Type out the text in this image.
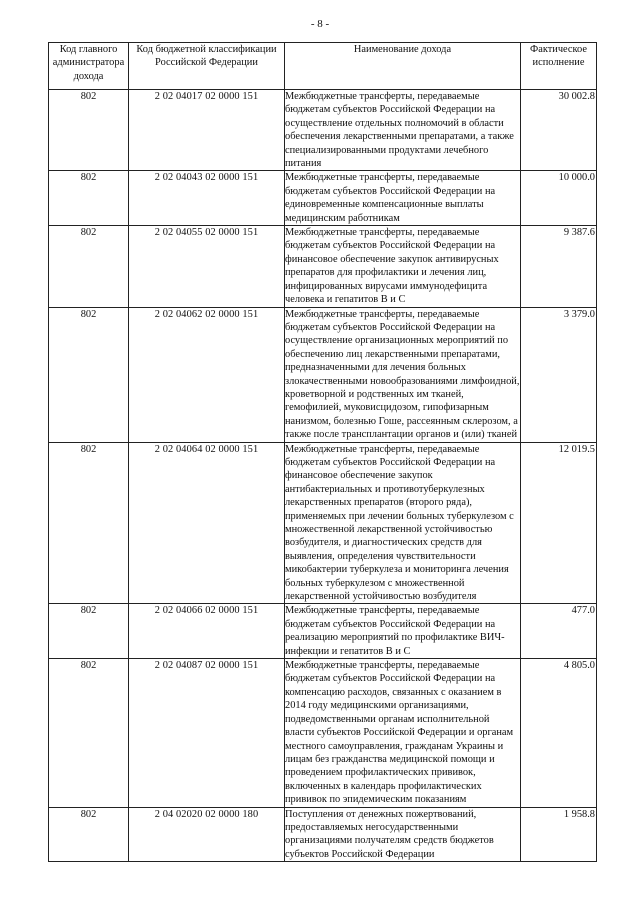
- 8 -
Код главного администратора дохода	Код бюджетной классификации Российской Федерации	Наименование дохода	Фактическое исполнение
802	2 02 04017 02 0000 151	Межбюджетные трансферты, передаваемые бюджетам субъектов Российской Федерации на осуществление отдельных полномочий в области обеспечения лекарственными препаратами, а также специализированными продуктами лечебного питания	30 002.8
802	2 02 04043 02 0000 151	Межбюджетные трансферты, передаваемые бюджетам субъектов Российской Федерации на единовременные компенсационные выплаты медицинским работникам	10 000.0
802	2 02 04055 02 0000 151	Межбюджетные трансферты, передаваемые бюджетам субъектов Российской Федерации на финансовое обеспечение закупок антивирусных препаратов для профилактики и лечения лиц, инфицированных вирусами иммунодефицита человека и гепатитов В и С	9 387.6
802	2 02 04062 02 0000 151	Межбюджетные трансферты, передаваемые бюджетам субъектов Российской Федерации на осуществление организационных мероприятий по обеспечению лиц лекарственными препаратами, предназначенными для лечения больных злокачественными новообразованиями лимфоидной, кроветворной и родственных им тканей, гемофилией, муковисцидозом, гипофизарным нанизмом, болезнью Гоше, рассеянным склерозом, а также после трансплантации органов и (или) тканей	3 379.0
802	2 02 04064 02 0000 151	Межбюджетные трансферты, передаваемые бюджетам субъектов Российской Федерации на финансовое обеспечение закупок антибактериальных и противотуберкулезных лекарственных препаратов (второго ряда), применяемых при лечении больных туберкулезом с множественной лекарственной устойчивостью возбудителя, и диагностических средств для выявления, определения чувствительности микобактерии туберкулеза и мониторинга лечения больных туберкулезом с множественной лекарственной устойчивостью возбудителя	12 019.5
802	2 02 04066 02 0000 151	Межбюджетные трансферты, передаваемые бюджетам субъектов Российской Федерации на реализацию мероприятий по профилактике ВИЧ-инфекции и гепатитов В и С	477.0
802	2 02 04087 02 0000 151	Межбюджетные трансферты, передаваемые бюджетам субъектов Российской Федерации на компенсацию расходов, связанных с оказанием в 2014 году медицинскими организациями, подведомственными органам исполнительной власти субъектов Российской Федерации и органам местного самоуправления, гражданам Украины и лицам без гражданства медицинской помощи и проведением профилактических прививок, включенных в календарь профилактических прививок по эпидемическим показаниям	4 805.0
802	2 04 02020 02 0000 180	Поступления от денежных пожертвований, предоставляемых негосударственными организациями получателям средств бюджетов субъектов Российской Федерации	1 958.8
